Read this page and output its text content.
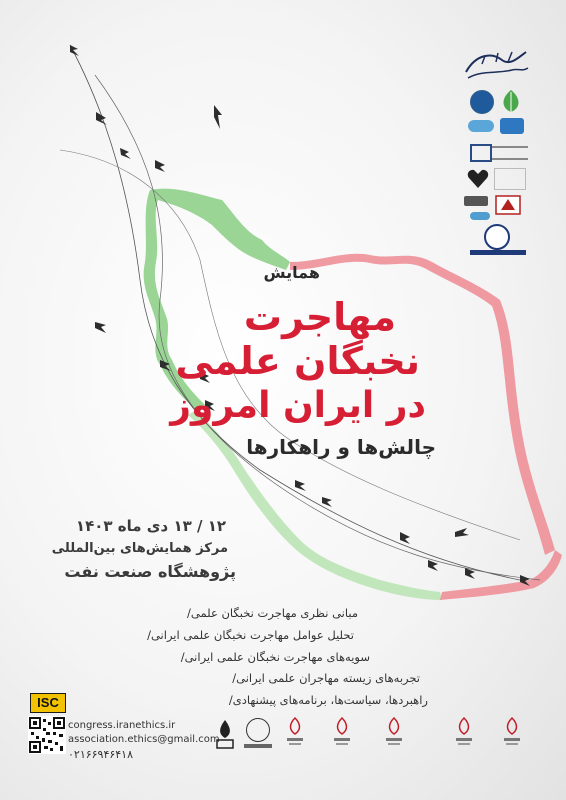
همایش
مهاجرت
نخبگان علمی
در ایران امروز
چالش‌ها و راهکارها
۱۲ / ۱۳ دی ماه ۱۴۰۳
مرکز همایش‌های بین‌المللی
پژوهشگاه صنعت نفت
مبانی نظری مهاجرت نخبگان علمی/
تحلیل عوامل مهاجرت نخبگان علمی ایرانی/
سویه‌های مهاجرت نخبگان علمی ایرانی/
تجربه‌های زیسته مهاجران علمی ایرانی/
راهبردها، سیاست‌ها، برنامه‌های پیشنهادی/
ISC
congress.iranethics.ir
association.ethics@gmail.com
۰۲۱۶۶۹۴۶۴۱۸
